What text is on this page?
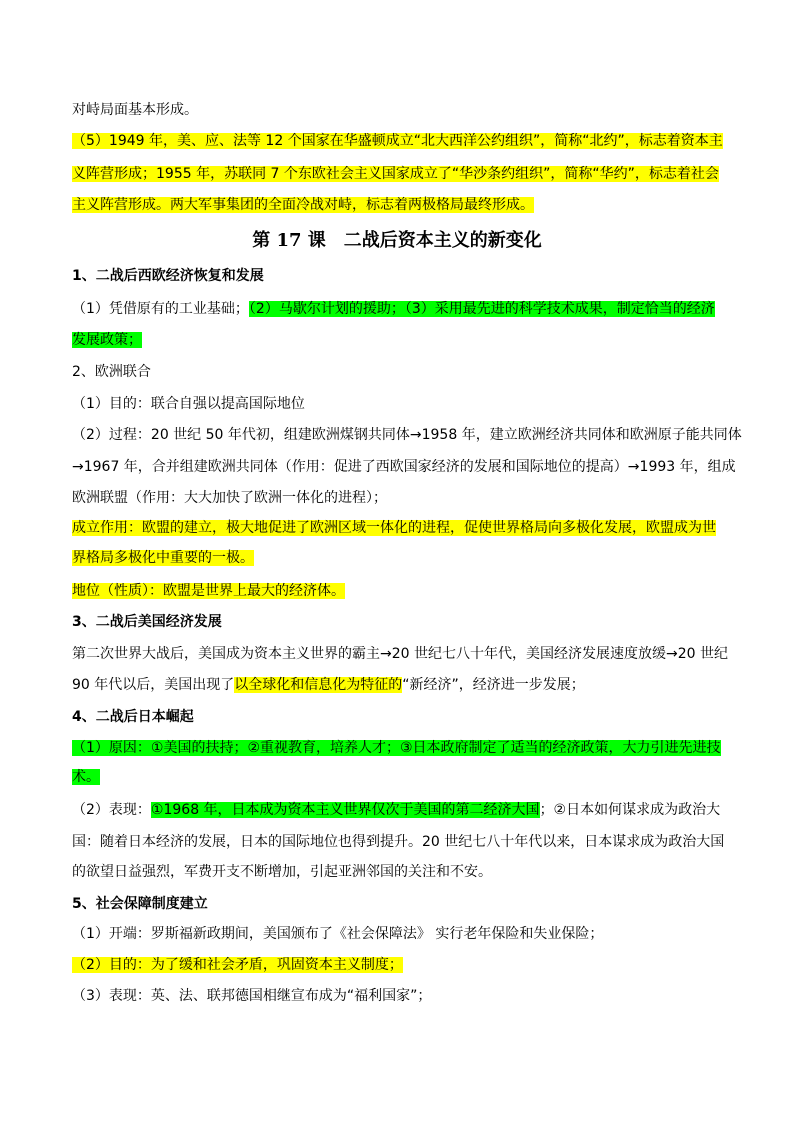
对峙局面基本形成。
（5）1949 年，美、应、法等 12 个国家在华盛顿成立“北大西洋公约组织”，简称“北约”，标志着资本主
义阵营形成；1955 年，苏联同 7 个东欧社会主义国家成立了“华沙条约组织”，简称“华约”，标志着社会
主义阵营形成。两大军事集团的全面冷战对峙，标志着两极格局最终形成。
第 17 课　二战后资本主义的新变化
1、二战后西欧经济恢复和发展
（1）凭借原有的工业基础；（2）马歇尔计划的援助；（3）采用最先进的科学技术成果，制定恰当的经济
发展政策；
2、欧洲联合
（1）目的：联合自强以提高国际地位
（2）过程：20 世纪 50 年代初，组建欧洲煤钢共同体→1958 年，建立欧洲经济共同体和欧洲原子能共同体
→1967 年，合并组建欧洲共同体（作用：促进了西欧国家经济的发展和国际地位的提高）→1993 年，组成
欧洲联盟（作用：大大加快了欧洲一体化的进程）；
成立作用：欧盟的建立，极大地促进了欧洲区域一体化的进程，促使世界格局向多极化发展，欧盟成为世
界格局多极化中重要的一极。
地位（性质）：欧盟是世界上最大的经济体。
3、二战后美国经济发展
第二次世界大战后，美国成为资本主义世界的霸主→20 世纪七八十年代，美国经济发展速度放缓→20 世纪
90 年代以后，美国出现了以全球化和信息化为特征的“新经济”，经济进一步发展；
4、二战后日本崛起
（1）原因：①美国的扶持；②重视教育，培养人才；③日本政府制定了适当的经济政策，大力引进先进技
术。
（2）表现：①1968 年，日本成为资本主义世界仅次于美国的第二经济大国；②日本如何谋求成为政治大
国：随着日本经济的发展，日本的国际地位也得到提升。20 世纪七八十年代以来，日本谋求成为政治大国
的欲望日益强烈，军费开支不断增加，引起亚洲邻国的关注和不安。
5、社会保障制度建立
（1）开端：罗斯福新政期间，美国颁布了《社会保障法》 实行老年保险和失业保险；
（2）目的：为了缓和社会矛盾，巩固资本主义制度；
（3）表现：英、法、联邦德国相继宣布成为“福利国家”；
